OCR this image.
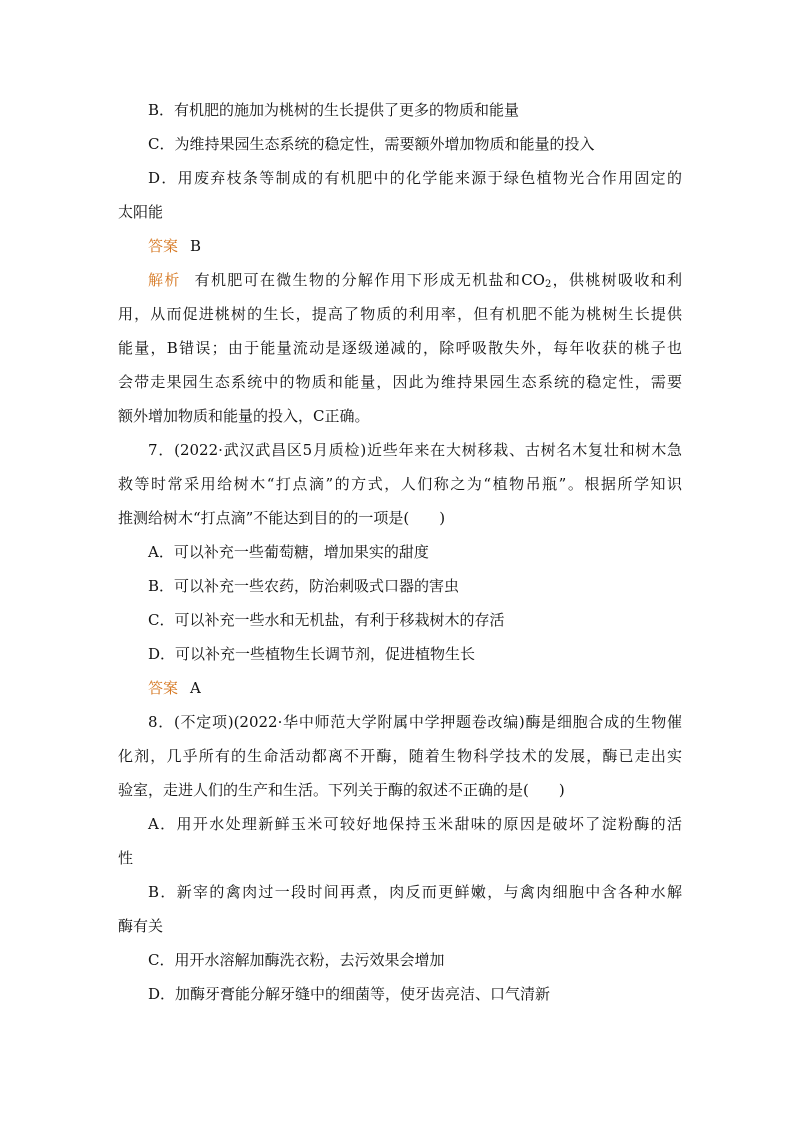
B．有机肥的施加为桃树的生长提供了更多的物质和能量
C．为维持果园生态系统的稳定性，需要额外增加物质和能量的投入
D．用废弃枝条等制成的有机肥中的化学能来源于绿色植物光合作用固定的
太阳能
答案 B
解析 有机肥可在微生物的分解作用下形成无机盐和$CO_2$，供桃树吸收和利
用，从而促进桃树的生长，提高了物质的利用率，但有机肥不能为桃树生长提供
能量，B错误；由于能量流动是逐级递减的，除呼吸散失外，每年收获的桃子也
会带走果园生态系统中的物质和能量，因此为维持果园生态系统的稳定性，需要
额外增加物质和能量的投入，C正确。
7．(2022·武汉武昌区5月质检)近些年来在大树移栽、古树名木复壮和树木急
救等时常采用给树木“打点滴”的方式，人们称之为“植物吊瓶”。根据所学知识
推测给树木“打点滴”不能达到目的的一项是(　　)
A．可以补充一些葡萄糖，增加果实的甜度
B．可以补充一些农药，防治刺吸式口器的害虫
C．可以补充一些水和无机盐，有利于移栽树木的存活
D．可以补充一些植物生长调节剂，促进植物生长
答案 A
8．(不定项)(2022·华中师范大学附属中学押题卷改编)酶是细胞合成的生物催
化剂，几乎所有的生命活动都离不开酶，随着生物科学技术的发展，酶已走出实
验室，走进人们的生产和生活。下列关于酶的叙述不正确的是(　　)
A．用开水处理新鲜玉米可较好地保持玉米甜味的原因是破坏了淀粉酶的活
性
B．新宰的禽肉过一段时间再煮，肉反而更鲜嫩，与禽肉细胞中含各种水解
酶有关
C．用开水溶解加酶洗衣粉，去污效果会增加
D．加酶牙膏能分解牙缝中的细菌等，使牙齿亮洁、口气清新
